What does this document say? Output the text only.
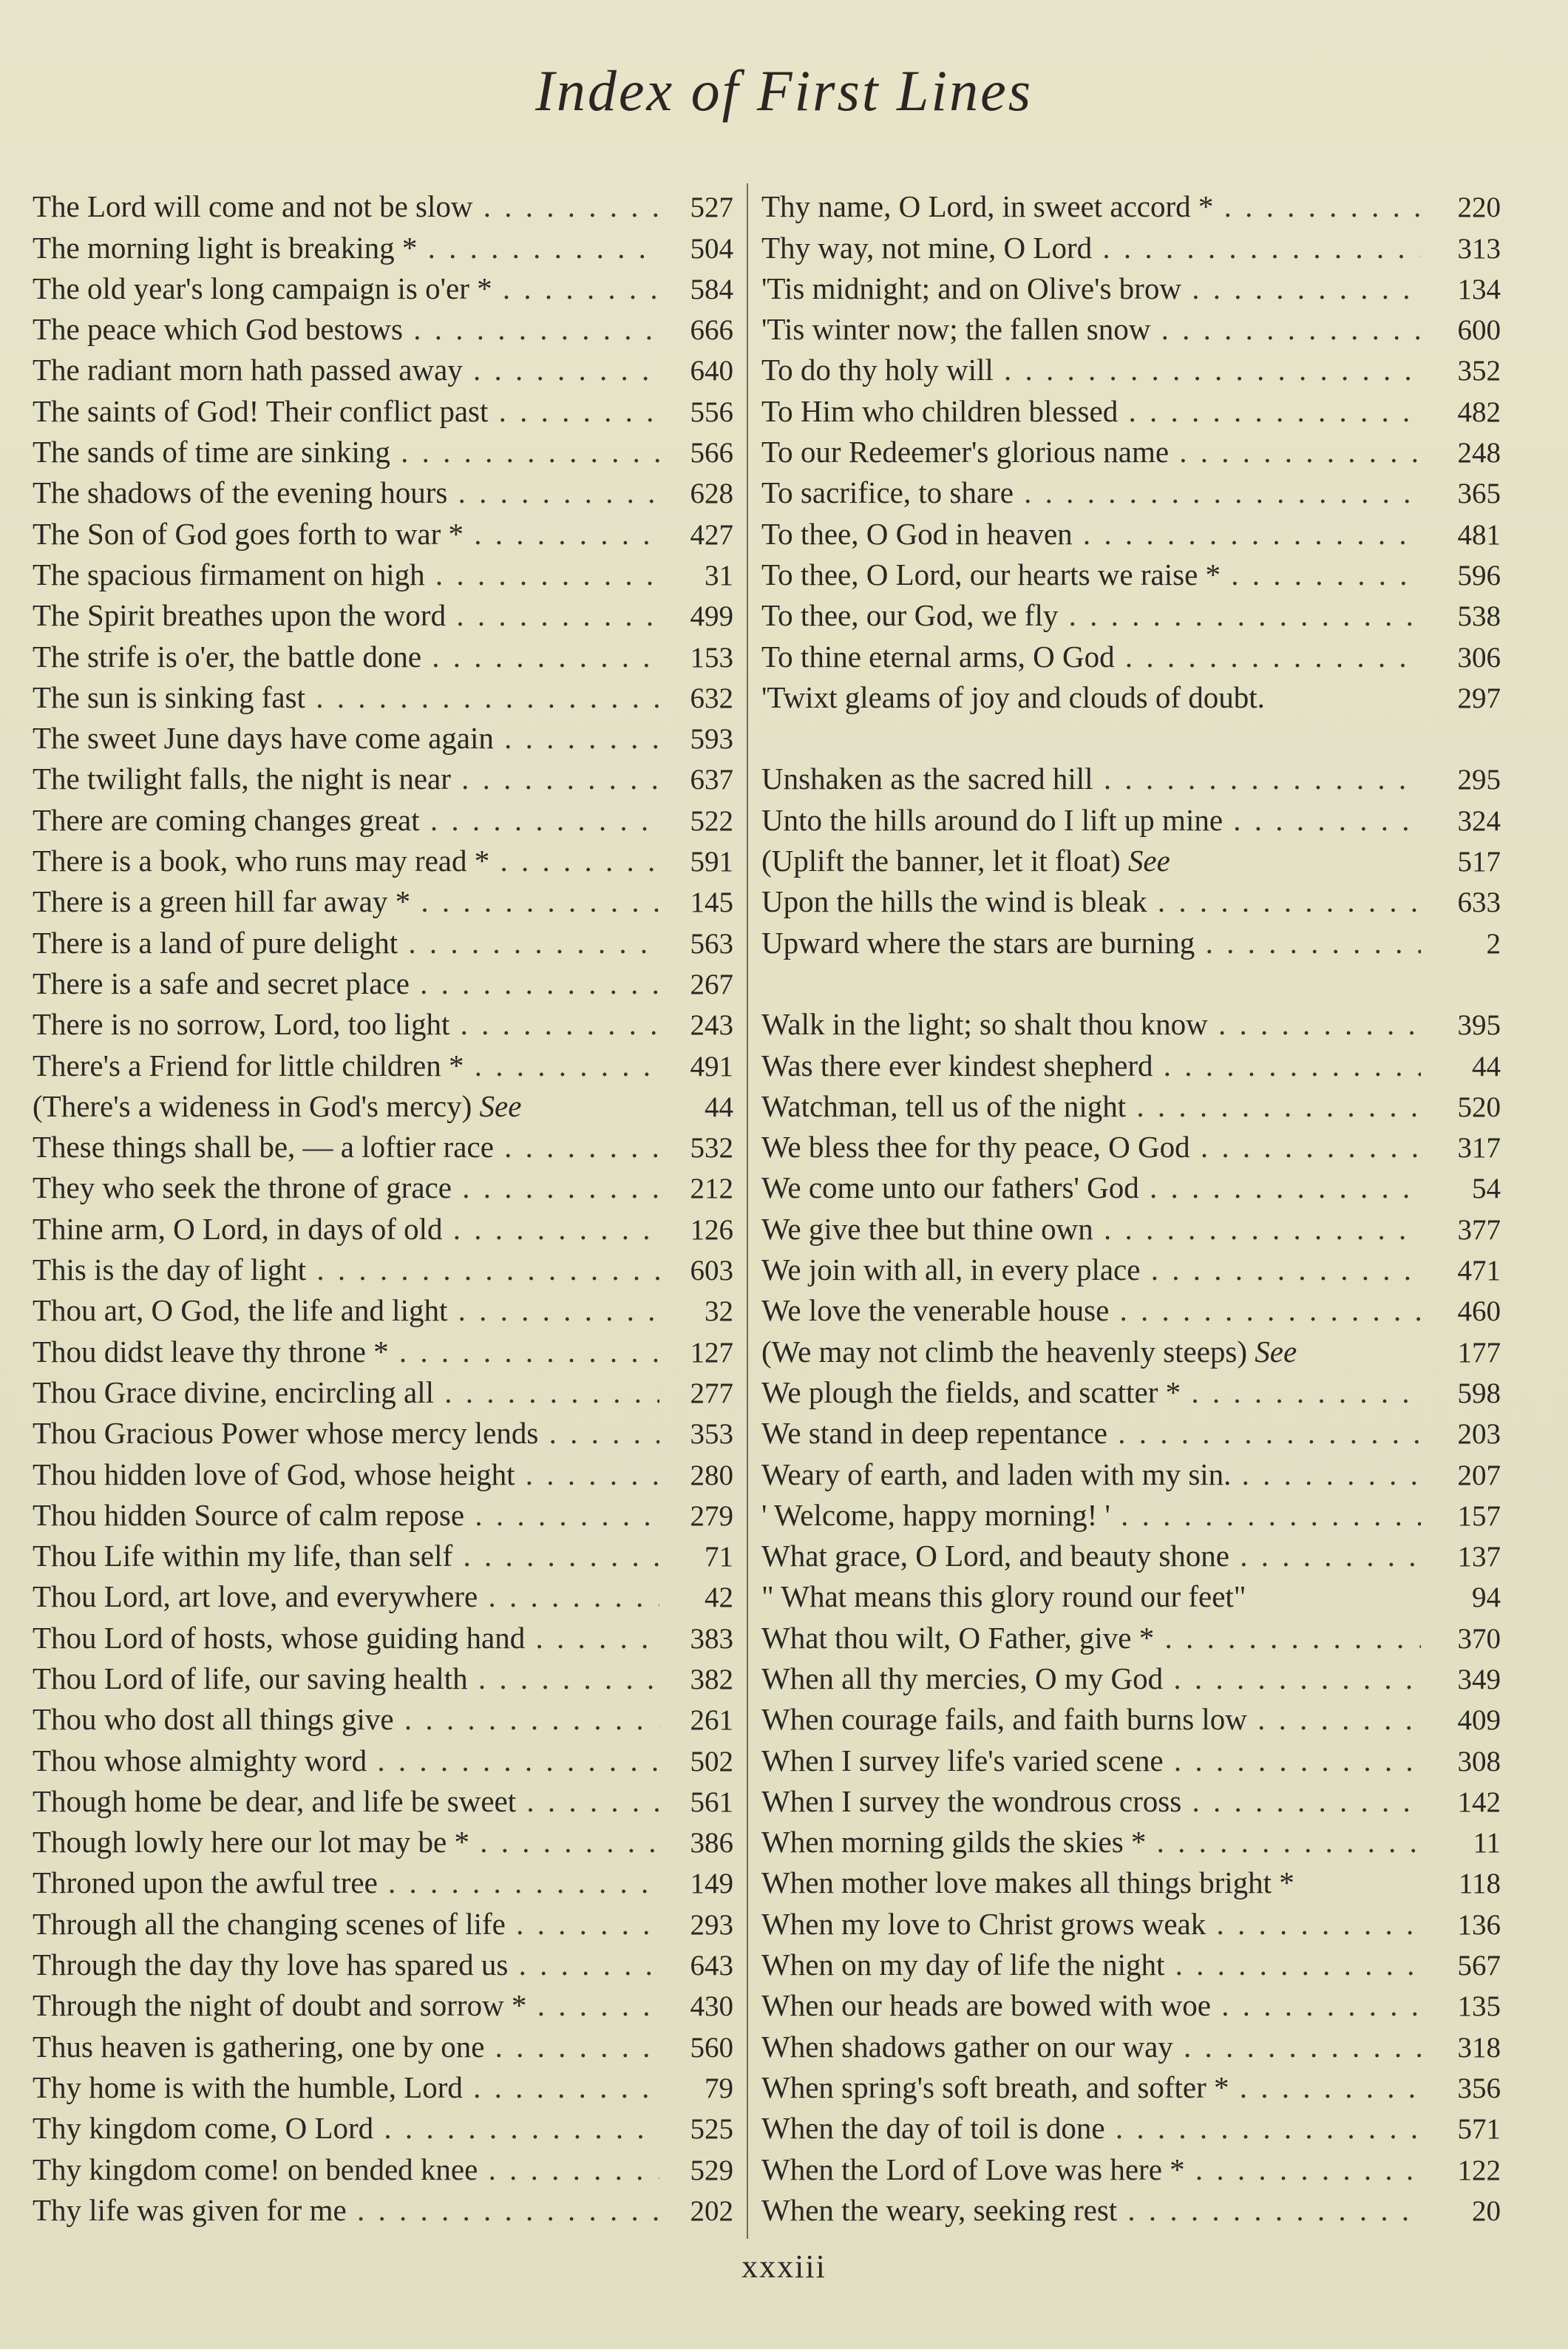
Index of First Lines
The Lord will come and not be slow . . .	527
The morning light is breaking * . . .	504
The old year's long campaign is o'er * . . .	584
The peace which God bestows . . .	666
The radiant morn hath passed away . . .	640
The saints of God! Their conflict past . . .	556
The sands of time are sinking . . .	566
The shadows of the evening hours . . .	628
The Son of God goes forth to war * . . .	427
The spacious firmament on high . . .	31
The Spirit breathes upon the word . . .	499
The strife is o'er, the battle done . . .	153
The sun is sinking fast . . .	632
The sweet June days have come again . . .	593
The twilight falls, the night is near . . .	637
There are coming changes great . . .	522
There is a book, who runs may read * . . .	591
There is a green hill far away * . . .	145
There is a land of pure delight . . .	563
There is a safe and secret place . . .	267
There is no sorrow, Lord, too light . . .	243
There's a Friend for little children * . . .	491
(There's a wideness in God's mercy) See	44
These things shall be, — a loftier race . . .	532
They who seek the throne of grace . . .	212
Thine arm, O Lord, in days of old . . .	126
This is the day of light . . .	603
Thou art, O God, the life and light . . .	32
Thou didst leave thy throne * . . .	127
Thou Grace divine, encircling all . . .	277
Thou Gracious Power whose mercy lends . . .	353
Thou hidden love of God, whose height . . .	280
Thou hidden Source of calm repose . . .	279
Thou Life within my life, than self . . .	71
Thou Lord, art love, and everywhere . . .	42
Thou Lord of hosts, whose guiding hand . . .	383
Thou Lord of life, our saving health . . .	382
Thou who dost all things give . . .	261
Thou whose almighty word . . .	502
Though home be dear, and life be sweet . . .	561
Though lowly here our lot may be * . . .	386
Throned upon the awful tree . . .	149
Through all the changing scenes of life . . .	293
Through the day thy love has spared us . . .	643
Through the night of doubt and sorrow * . . .	430
Thus heaven is gathering, one by one . . .	560
Thy home is with the humble, Lord . . .	79
Thy kingdom come, O Lord . . .	525
Thy kingdom come! on bended knee . . .	529
Thy life was given for me . . .	202
Thy name, O Lord, in sweet accord * . . .	220
Thy way, not mine, O Lord . . .	313
'Tis midnight; and on Olive's brow . . .	134
'Tis winter now; the fallen snow . . .	600
To do thy holy will . . .	352
To Him who children blessed . . .	482
To our Redeemer's glorious name . . .	248
To sacrifice, to share . . .	365
To thee, O God in heaven . . .	481
To thee, O Lord, our hearts we raise * . . .	596
To thee, our God, we fly . . .	538
To thine eternal arms, O God . . .	306
'Twixt gleams of joy and clouds of doubt.	297
Unshaken as the sacred hill . . .	295
Unto the hills around do I lift up mine . . .	324
(Uplift the banner, let it float) See	517
Upon the hills the wind is bleak . . .	633
Upward where the stars are burning . . .	2
Walk in the light; so shalt thou know . . .	395
Was there ever kindest shepherd . . .	44
Watchman, tell us of the night . . .	520
We bless thee for thy peace, O God . . .	317
We come unto our fathers' God . . .	54
We give thee but thine own . . .	377
We join with all, in every place . . .	471
We love the venerable house . . .	460
(We may not climb the heavenly steeps) See	177
We plough the fields, and scatter * . . .	598
We stand in deep repentance . . .	203
Weary of earth, and laden with my sin. . . .	207
' Welcome, happy morning! ' . . .	157
What grace, O Lord, and beauty shone . . .	137
" What means this glory round our feet"	94
What thou wilt, O Father, give * . . .	370
When all thy mercies, O my God . . .	349
When courage fails, and faith burns low . . .	409
When I survey life's varied scene . . .	308
When I survey the wondrous cross . . .	142
When morning gilds the skies * . . .	11
When mother love makes all things bright *	118
When my love to Christ grows weak . . .	136
When on my day of life the night . . .	567
When our heads are bowed with woe . . .	135
When shadows gather on our way . . .	318
When spring's soft breath, and softer * . . .	356
When the day of toil is done . . .	571
When the Lord of Love was here * . . .	122
When the weary, seeking rest . . .	20
xxxiii
